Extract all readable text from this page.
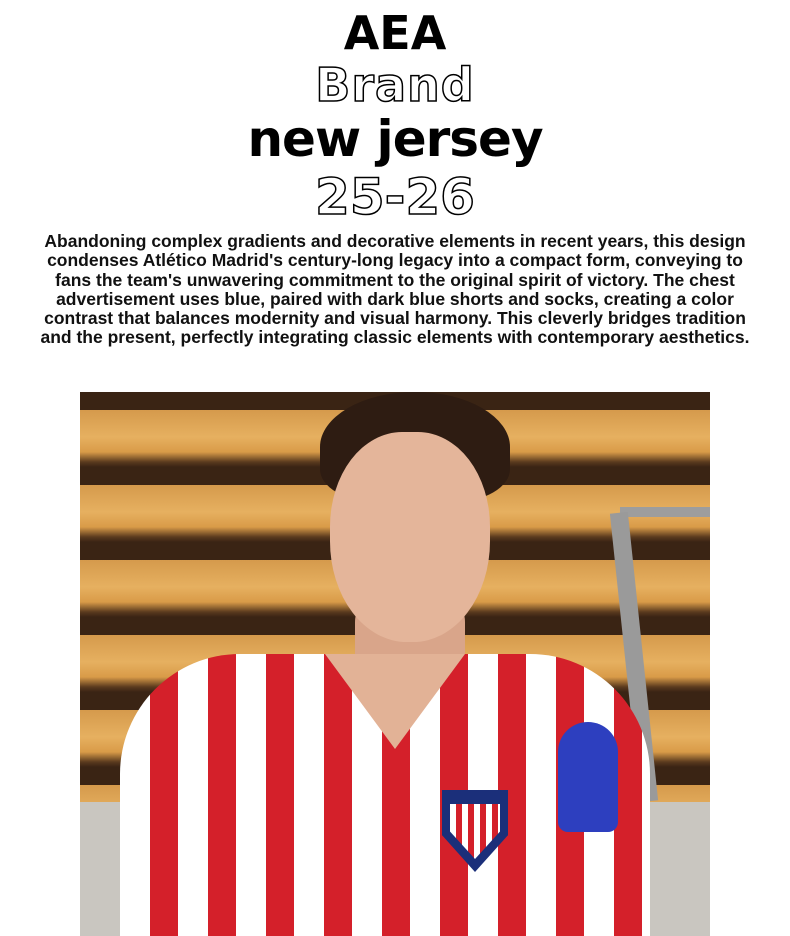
AEA
Brand
new jersey
25-26
Abandoning complex gradients and decorative elements in recent years, this design condenses Atlético Madrid's century-long legacy into a compact form, conveying to fans the team's unwavering commitment to the original spirit of victory. The chest advertisement uses blue, paired with dark blue shorts and socks, creating a color contrast that balances modernity and visual harmony. This cleverly bridges tradition and the present, perfectly integrating classic elements with contemporary aesthetics.
